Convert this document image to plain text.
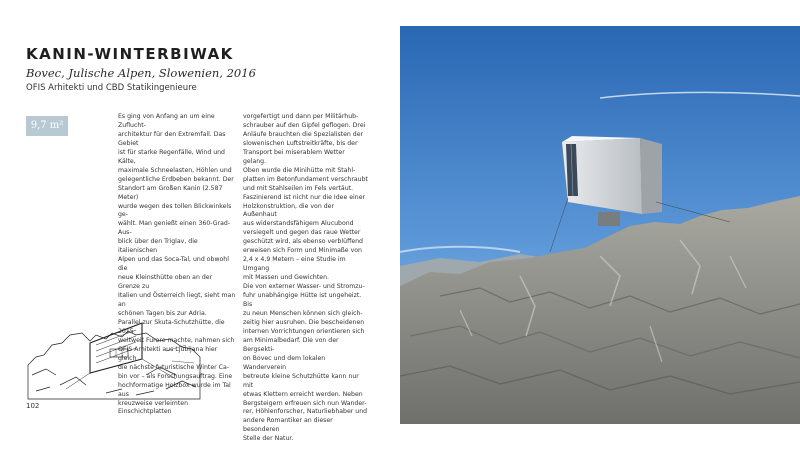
KANIN-WINTERBIWAK
Bovec, Julische Alpen, Slowenien, 2016
OFIS Arhitekti und CBD Statikingenieure
9,7 m²

Es ging von Anfang an um eine Zuflucht-

architektur für den Extremfall. Das Gebiet

ist für starke Regenfälle, Wind und Kälte,

maximale Schneelasten, Höhlen und

gelegentliche Erdbeben bekannt. Der

Standort am Großen Kanin (2.587 Meter)

wurde wegen des tollen Blickwinkels ge-

wählt. Man genießt einen 360-Grad-Aus-

blick über den Triglav, die italienischen

Alpen und das Soca-Tal, und obwohl die

neue Kleinsthütte oben an der Grenze zu

Italien und Österreich liegt, sieht man an

schönen Tagen bis zur Adria.

Parallel zur Skuta-Schutzhütte, die 2015

weltweit Furore machte, nahmen sich

OFIS Arhitekti aus Ljubljana hier gleich

die nächste futuristische Winter Ca-

bin vor – als Forschungsauftrag. Eine

hochformatige Holzbox wurde im Tal aus

kreuzweise verleimten Einschichtplatten

vorgefertigt und dann per Militärhub-

schrauber auf den Gipfel geflogen. Drei

Anläufe brauchten die Spezialisten der

slowenischen Luftstreitkräfte, bis der

Transport bei miserablem Wetter gelang.

Oben wurde die Minihütte mit Stahl-

platten im Betonfundament verschraubt

und mit Stahlseilen im Fels vertäut.

Faszinierend ist nicht nur die Idee einer

Holzkonstruktion, die von der Außenhaut

aus widerstandsfähigem Alucubond

versiegelt und gegen das raue Wetter

geschützt wird, als ebenso verblüffend

erweisen sich Form und Minimaße von

2,4 x 4,9 Metern – eine Studie im Umgang

mit Massen und Gewichten.

Die von externer Wasser- und Stromzu-

fuhr unabhängige Hütte ist ungeheizt. Bis

zu neun Menschen können sich gleich-

zeitig hier ausruhen. Die bescheidenen

internen Vorrichtungen orientieren sich

am Minimalbedarf. Die von der Bergsekti-

on Bovec und dem lokalen Wanderverein

betreute kleine Schutzhütte kann nur mit

etwas Klettern erreicht werden. Neben

Bergsteigern erfreuen sich nun Wander-

rer, Höhlenforscher, Naturliebhaber und

andere Romantiker an dieser besonderen

Stelle der Natur.

102
